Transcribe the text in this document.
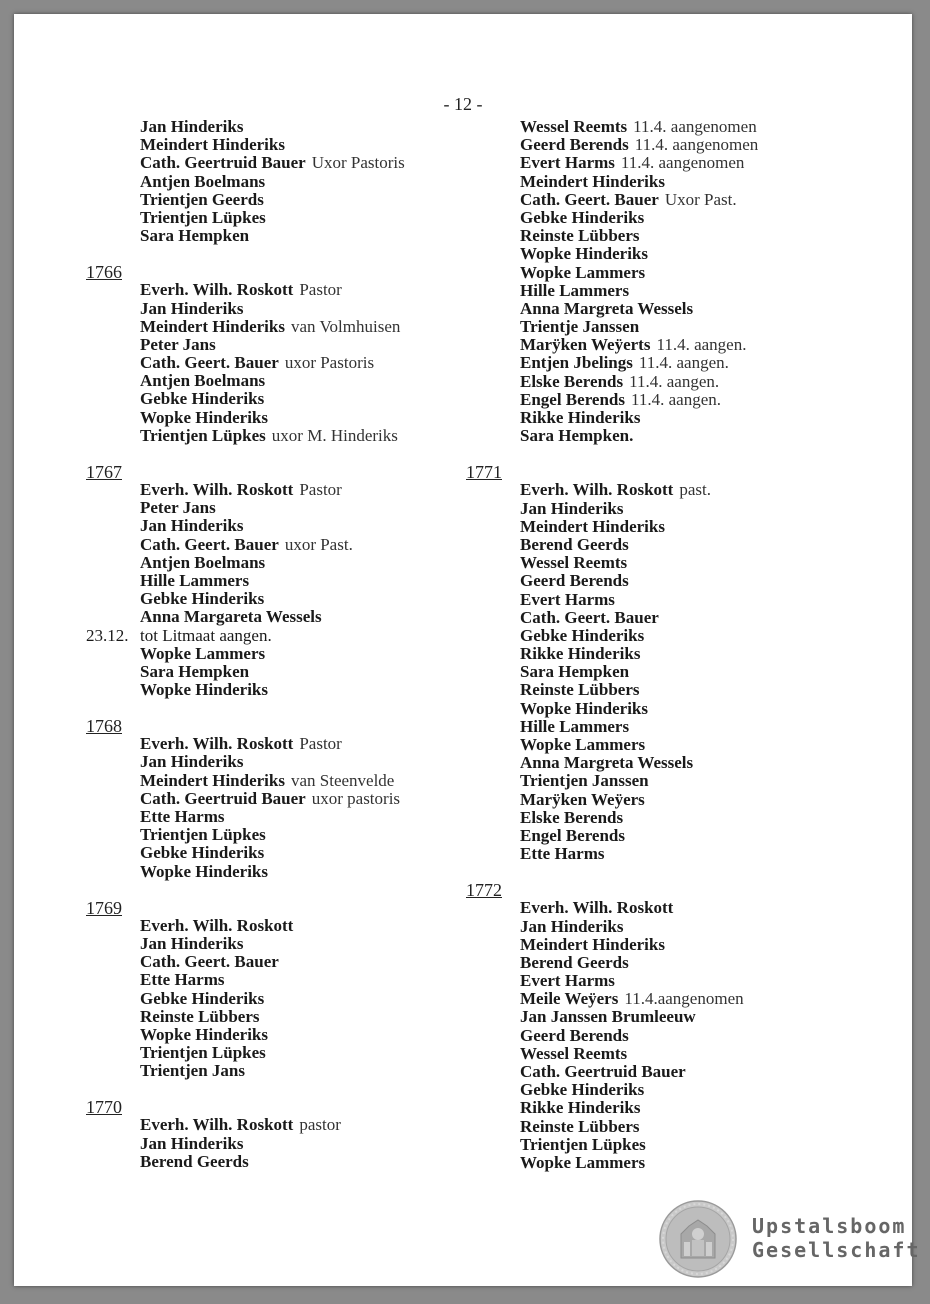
- 12 -
Jan Hinderiks
Meindert Hinderiks
Cath. Geertruid Bauer Uxor Pastoris
Antjen Boelmans
Trientjen Geerds
Trientjen Lüpkes
Sara Hempken
1766
Everh. Wilh. Roskott Pastor
Jan Hinderiks
Meindert Hinderiks van Volmhuisen
Peter Jans
Cath. Geert. Bauer uxor Pastoris
Antjen Boelmans
Gebke Hinderiks
Wopke Hinderiks
Trientjen Lüpkes uxor M. Hinderiks
1767
Everh. Wilh. Roskott Pastor
Peter Jans
Jan Hinderiks
Cath. Geert. Bauer uxor Past.
Antjen Boelmans
Hille Lammers
Gebke Hinderiks
Anna Margareta Wessels
23.12. tot Litmaat aangen.
Wopke Lammers
Sara Hempken
Wopke Hinderiks
1768
Everh. Wilh. Roskott Pastor
Jan Hinderiks
Meindert Hinderiks van Steenvelde
Cath. Geertruid Bauer uxor pastoris
Ette Harms
Trientjen Lüpkes
Gebke Hinderiks
Wopke Hinderiks
1769
Everh. Wilh. Roskott
Jan Hinderiks
Cath. Geert. Bauer
Ette Harms
Gebke Hinderiks
Reinste Lübbers
Wopke Hinderiks
Trientjen Lüpkes
Trientjen Jans
1770
Everh. Wilh. Roskott pastor
Jan Hinderiks
Berend Geerds
Wessel Reemts 11.4. aangenomen
Geerd Berends 11.4. aangenomen
Evert Harms 11.4. aangenomen
Meindert Hinderiks
Cath. Geert. Bauer Uxor Past.
Gebke Hinderiks
Reinste Lübbers
Wopke Hinderiks
Wopke Lammers
Hille Lammers
Anna Margreta Wessels
Trientje Janssen
Marÿken Weÿerts 11.4. aangen.
Entjen Jbelings 11.4. aangen.
Elske Berends 11.4. aangen.
Engel Berends 11.4. aangen.
Rikke Hinderiks
Sara Hempken.
1771
Everh. Wilh. Roskott past.
Jan Hinderiks
Meindert Hinderiks
Berend Geerds
Wessel Reemts
Geerd Berends
Evert Harms
Cath. Geert. Bauer
Gebke Hinderiks
Rikke Hinderiks
Sara Hempken
Reinste Lübbers
Wopke Hinderiks
Hille Lammers
Wopke Lammers
Anna Margreta Wessels
Trientjen Janssen
Marÿken Weÿers
Elske Berends
Engel Berends
Ette Harms
1772
Everh. Wilh. Roskott
Jan Hinderiks
Meindert Hinderiks
Berend Geerds
Evert Harms
Meile Weÿers 11.4.aangenomen
Jan Janssen Brumleeuw
Geerd Berends
Wessel Reemts
Cath. Geertruid Bauer
Gebke Hinderiks
Rikke Hinderiks
Reinste Lübbers
Trientjen Lüpkes
Wopke Lammers
Upstalsboom
Gesellschaft
